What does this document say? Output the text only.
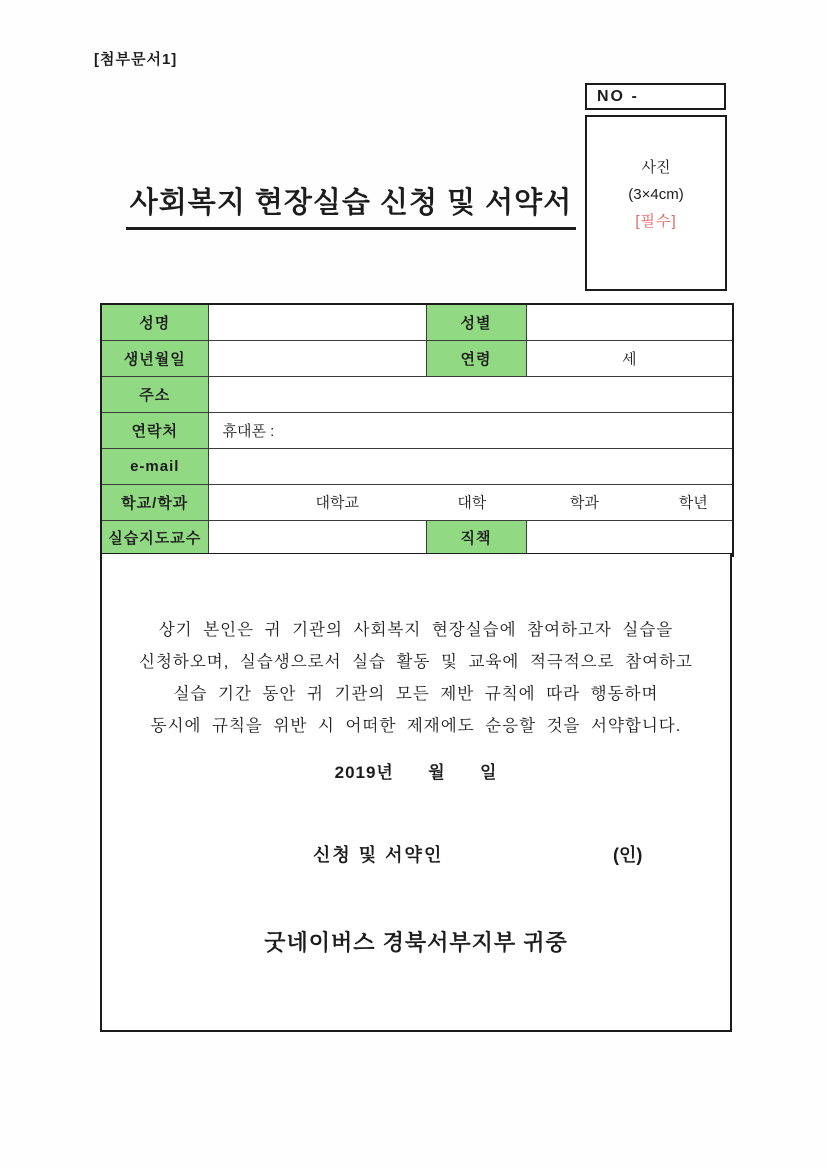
[첨부문서1]
NO -
사진
(3×4cm)
[필수]
사회복지 현장실습 신청 및 서약서
성명		성별	
생년월일		연령	세
주소			
연락처	휴대폰 :		
e-mail			
학교/학과	대학교 대학 학과 학년		

실습지도교수		직책	
상기 본인은 귀 기관의 사회복지 현장실습에 참여하고자 실습을
신청하오며, 실습생으로서 실습 활동 및 교육에 적극적으로 참여하고
실습 기간 동안 귀 기관의 모든 제반 규칙에 따라 행동하며
동시에 규칙을 위반 시 어떠한 제재에도 순응할 것을 서약합니다.
2019년      월      일
신청 및 서약인	(인)
굿네이버스 경북서부지부 귀중
